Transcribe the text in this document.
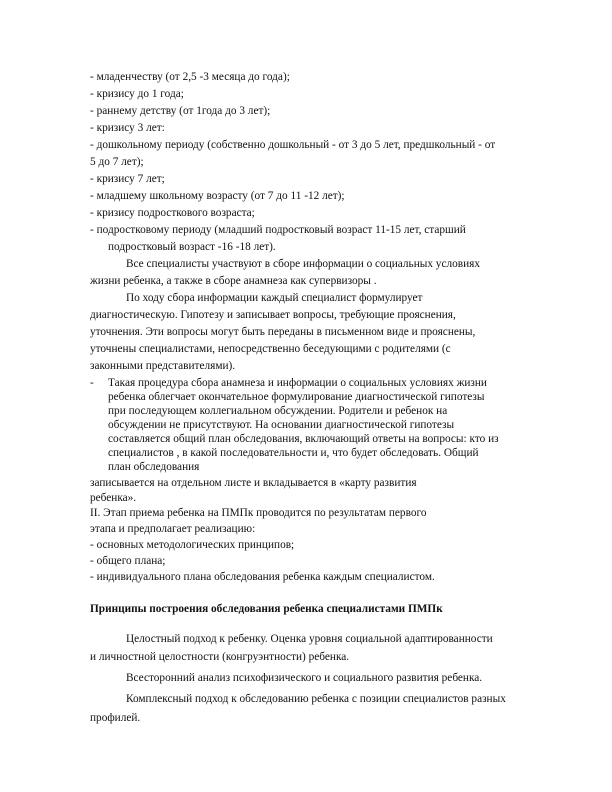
- младенчеству (от 2,5 -3 месяца до года);
- кризису до 1 года;
- раннему детству (от 1года до 3 лет);
- кризису 3 лет:
- дошкольному периоду (собственно дошкольный - от 3 до 5 лет, предшкольный - от
5 до 7 лет);
- кризису 7 лет;
- младшему школьному возрасту (от 7 до 11 -12 лет);
- кризису подросткового возраста;
- подростковому периоду (младший подростковый возраст 11-15 лет, старший
подростковый возраст -16 -18 лет).
Все специалисты участвуют в сборе информации о социальных условиях
жизни ребенка, а также в сборе анамнеза как супервизоры .
По ходу сбора информации каждый специалист формулирует
диагностическую. Гипотезу и записывает вопросы, требующие прояснения,
уточнения. Эти вопросы могут быть переданы в письменном виде и прояснены,
уточнены специалистами, непосредственно беседующими с родителями (с
законными представителями).
- Такая процедура сбора анамнеза и информации о социальных условиях жизни
ребенка облегчает окончательное формулирование диагностической гипотезы
при последующем коллегиальном обсуждении. Родители и ребенок на
обсуждении не присутствуют. На основании диагностической гипотезы
составляется общий план обследования, включающий ответы на вопросы: кто из
специалистов , в какой последовательности и, что будет обследовать. Общий
план обследования
записывается на отдельном листе и вкладывается в «карту развития
ребенка».
II. Этап приема ребенка на ПМПк проводится по результатам первого
этапа и предполагает реализацию:
- основных методологических принципов;
- общего плана;
- индивидуального плана обследования ребенка каждым специалистом.
Принципы построения обследования ребенка специалистами ПМПк
Целостный подход к ребенку. Оценка уровня социальной адаптированности
и личностной целостности (конгруэнтности) ребенка.
Всесторонний анализ психофизического и социального развития ребенка.
Комплексный подход к обследованию ребенка с позиции специалистов разных
профилей.
